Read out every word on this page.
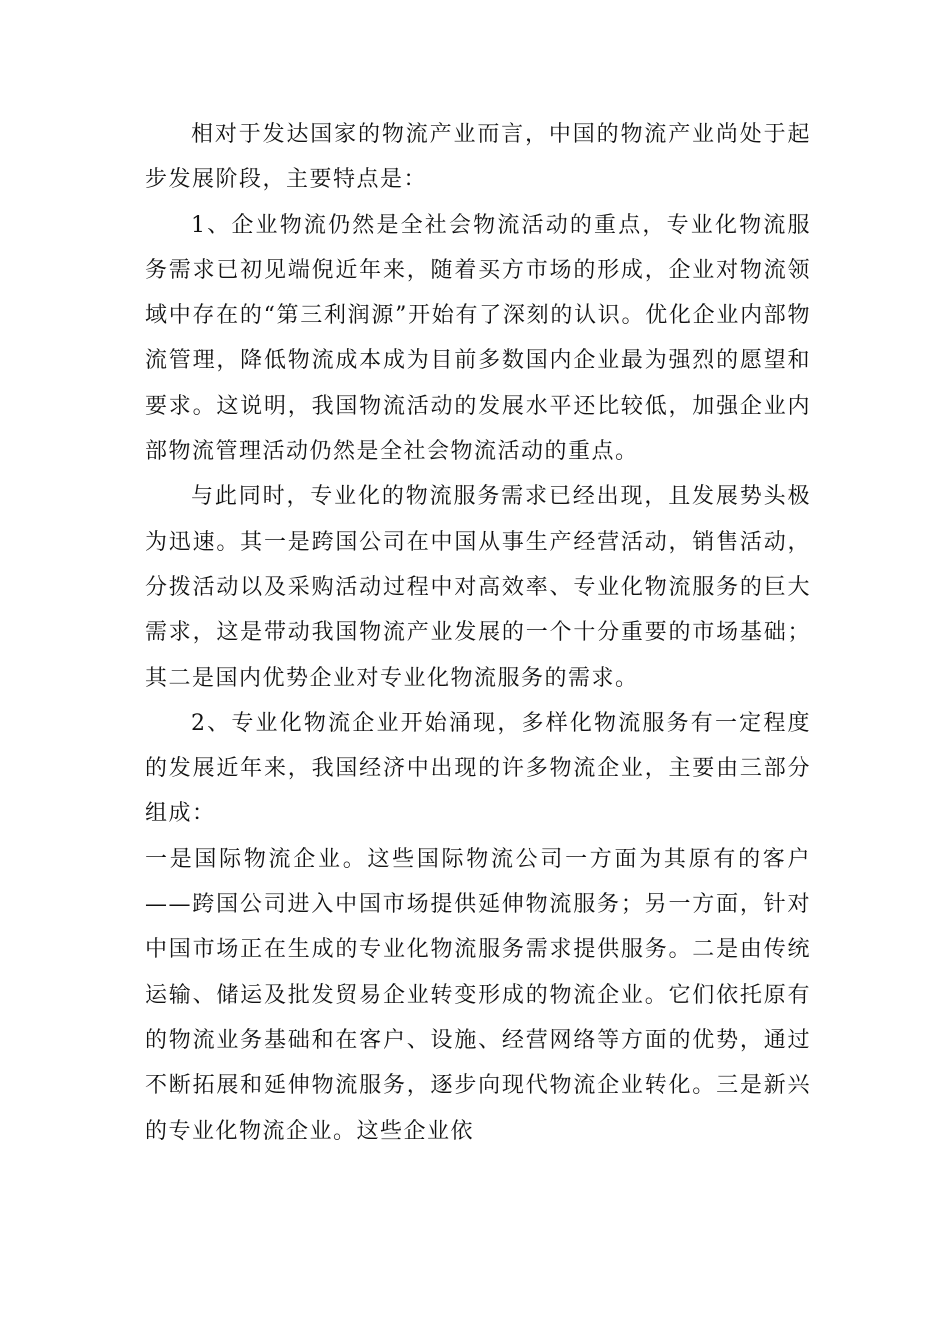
相对于发达国家的物流产业而言，中国的物流产业尚处于起步发展阶段，主要特点是：

1、企业物流仍然是全社会物流活动的重点，专业化物流服务需求已初见端倪近年来，随着买方市场的形成，企业对物流领域中存在的“第三利润源”开始有了深刻的认识。优化企业内部物流管理，降低物流成本成为目前多数国内企业最为强烈的愿望和要求。这说明，我国物流活动的发展水平还比较低，加强企业内部物流管理活动仍然是全社会物流活动的重点。

与此同时，专业化的物流服务需求已经出现，且发展势头极为迅速。其一是跨国公司在中国从事生产经营活动，销售活动，分拨活动以及采购活动过程中对高效率、专业化物流服务的巨大需求，这是带动我国物流产业发展的一个十分重要的市场基础；其二是国内优势企业对专业化物流服务的需求。

2、专业化物流企业开始涌现，多样化物流服务有一定程度的发展近年来，我国经济中出现的许多物流企业，主要由三部分组成：

一是国际物流企业。这些国际物流公司一方面为其原有的客户——跨国公司进入中国市场提供延伸物流服务；另一方面，针对中国市场正在生成的专业化物流服务需求提供服务。二是由传统运输、储运及批发贸易企业转变形成的物流企业。它们依托原有的物流业务基础和在客户、设施、经营网络等方面的优势，通过不断拓展和延伸物流服务，逐步向现代物流企业转化。三是新兴的专业化物流企业。这些企业依
